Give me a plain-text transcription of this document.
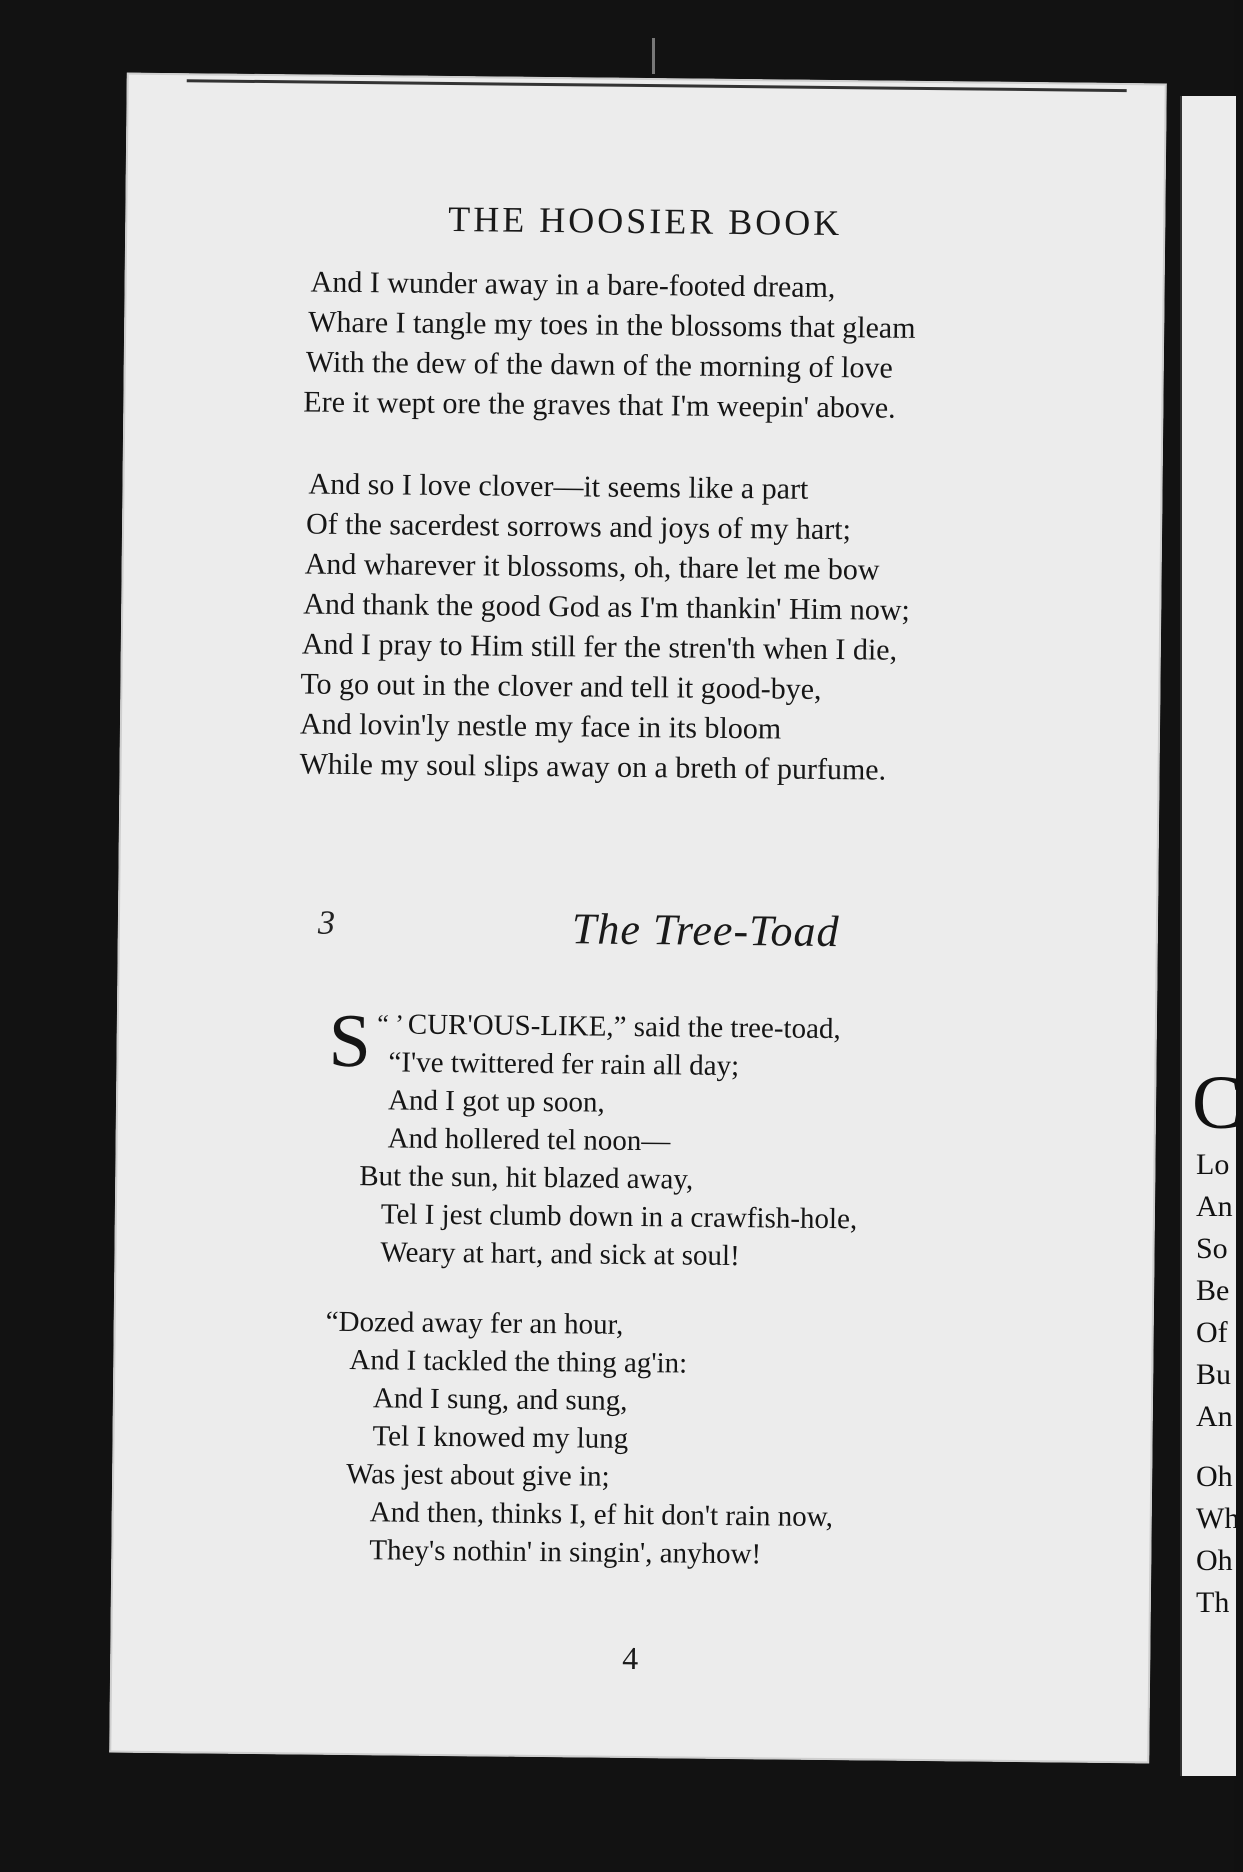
THE HOOSIER BOOK
And I wunder away in a bare-footed dream,
Whare I tangle my toes in the blossoms that gleam
With the dew of the dawn of the morning of love
Ere it wept ore the graves that I'm weepin' above.
And so I love clover—it seems like a part
Of the sacerdest sorrows and joys of my hart;
And wharever it blossoms, oh, thare let me bow
And thank the good God as I'm thankin' Him now;
And I pray to Him still fer the stren'th when I die,
To go out in the clover and tell it good-bye,
And lovin'ly nestle my face in its bloom
While my soul slips away on a breth of purfume.
3	The Tree-Toad
“ ’
S CUR'OUS-LIKE,” said the tree-toad,
“I've twittered fer rain all day;
And I got up soon,
And hollered tel noon—
But the sun, hit blazed away,
Tel I jest clumb down in a crawfish-hole,
Weary at hart, and sick at soul!
“Dozed away fer an hour,
And I tackled the thing ag'in:
And I sung, and sung,
Tel I knowed my lung
Was jest about give in;
And then, thinks I, ef hit don't rain now,
They's nothin' in singin', anyhow!
4
C
Lo
An
So
Be
Of
Bu
An
Oh
Wh
Oh
Th
